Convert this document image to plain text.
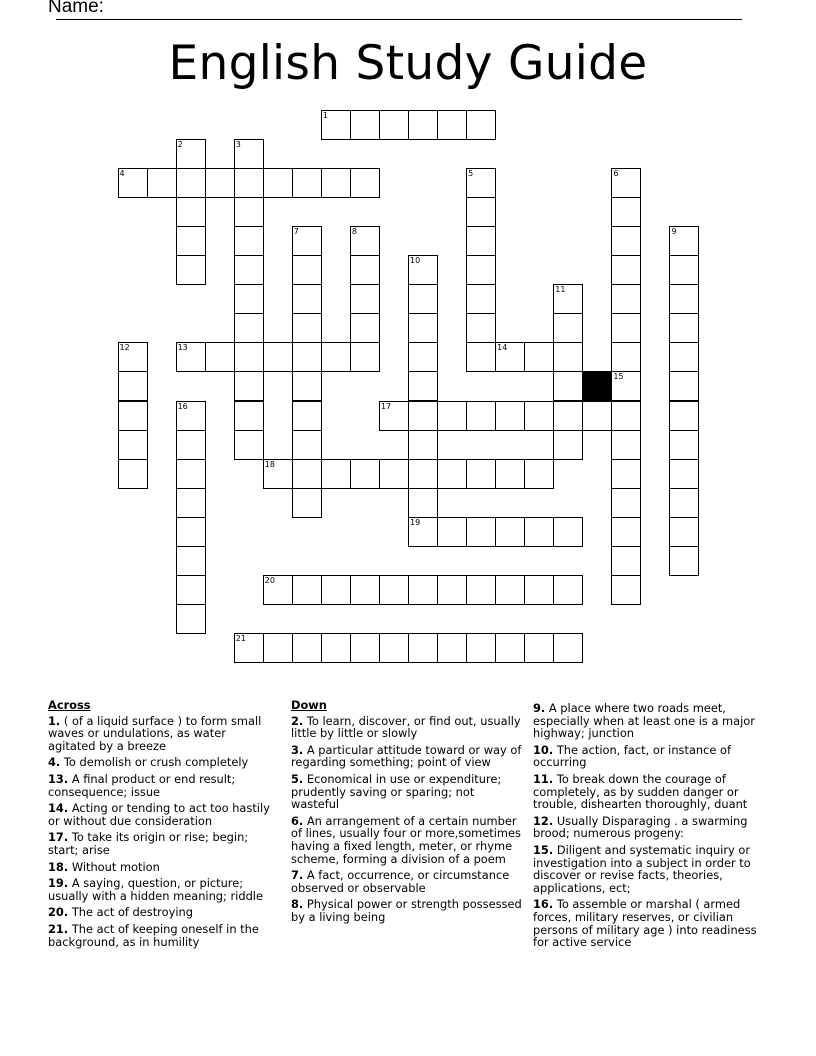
Name:
English Study Guide
1
4
13	14
17
18
19
20
21
2	3
5	6
7	8	9
10
11
12
15
16
Across
1. ( of a liquid surface ) to form small waves or undulations, as water agitated by a breeze
4. To demolish or crush completely
13. A final product or end result; consequence; issue
14. Acting or tending to act too hastily or without due consideration
17. To take its origin or rise; begin; start; arise
18. Without motion
19. A saying, question, or picture; usually with a hidden meaning; riddle
20. The act of destroying
21. The act of keeping oneself in the background, as in humility
Down
2. To learn, discover, or find out, usually little by little or slowly
3. A particular attitude toward or way of regarding something; point of view
5. Economical in use or expenditure; prudently saving or sparing; not wasteful
6. An arrangement of a certain number of lines, usually four or more,sometimes having a fixed length, meter, or rhyme scheme, forming a division of a poem
7. A fact, occurrence, or circumstance observed or observable
8. Physical power or strength possessed by a living being
9. A place where two roads meet, especially when at least one is a major highway; junction
10. The action, fact, or instance of occurring
11. To break down the courage of completely, as by sudden danger or trouble, dishearten thoroughly, duant
12. Usually Disparaging . a swarming brood; numerous progeny:
15. Diligent and systematic inquiry or investigation into a subject in order to discover or revise facts, theories, applications, ect;
16. To assemble or marshal ( armed forces, military reserves, or civilian persons of military age ) into readiness for active service
